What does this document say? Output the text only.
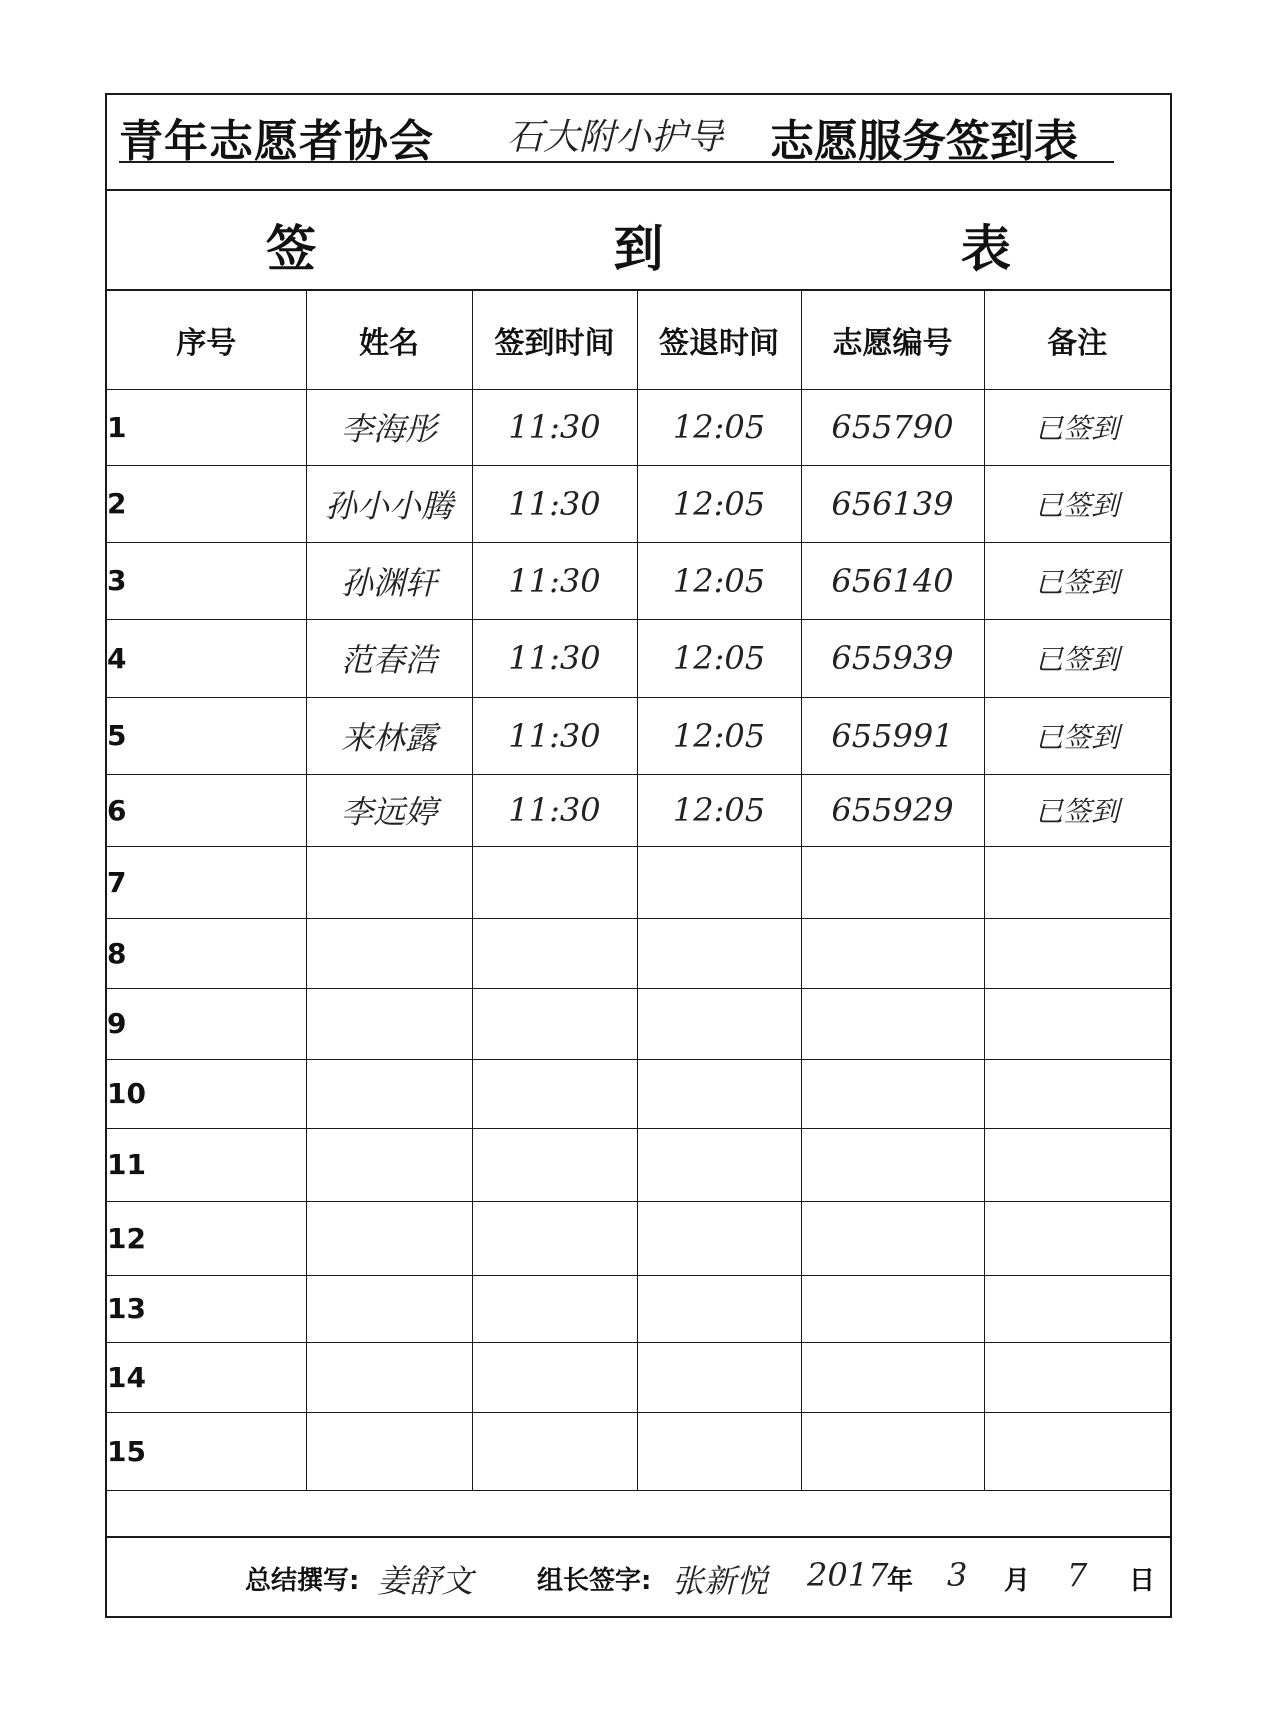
青年志愿者协会 石大附小护导 志愿服务签到表
签 到 表
序号	姓名	签到时间	签退时间	志愿编号	备注
1	李海彤	11:30	12:05	655790	已签到
2	孙小小腾	11:30	12:05	656139	已签到
3	孙渊轩	11:30	12:05	656140	已签到
4	范春浩	11:30	12:05	655939	已签到
5	来林露	11:30	12:05	655991	已签到
6	李远婷	11:30	12:05	655929	已签到
7					
8					
9					
10					
11					
12					
13					
14					
15					
总结撰写: 姜舒文 组长签字: 张新悦 2017
年 3 月 7 日
